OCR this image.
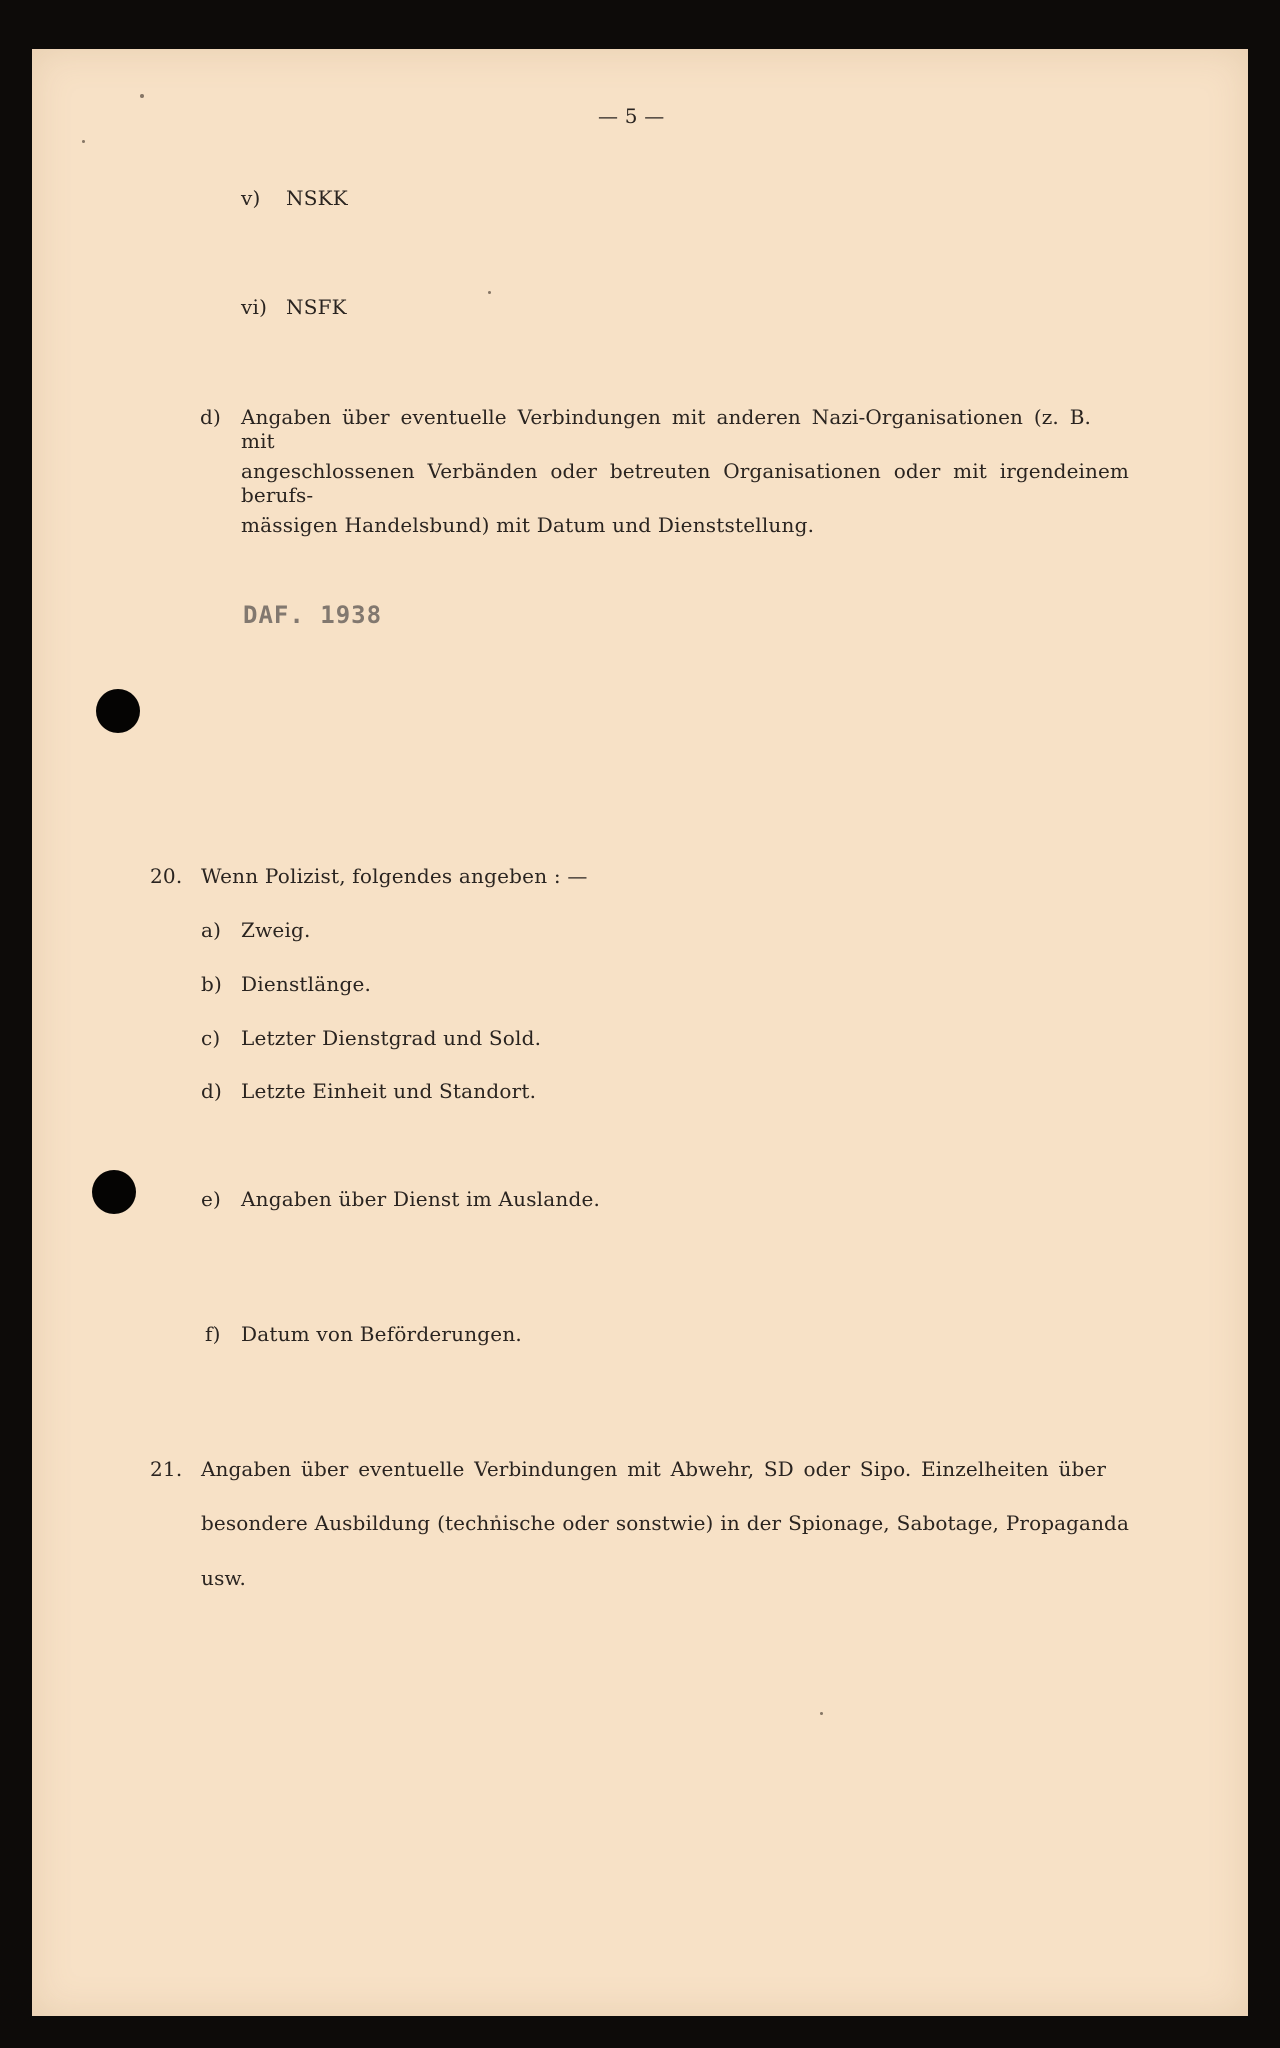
— 5 —
v) NSKK
vi) NSFK
d) Angaben über eventuelle Verbindungen mit anderen Nazi-Organisationen (z. B. mit
angeschlossenen Verbänden oder betreuten Organisationen oder mit irgendeinem berufs-
mässigen Handelsbund) mit Datum und Dienststellung.
DAF. 1938
20. Wenn Polizist, folgendes angeben : —
a) Zweig.
b) Dienstlänge.
c) Letzter Dienstgrad und Sold.
d) Letzte Einheit und Standort.
e) Angaben über Dienst im Auslande.
f) Datum von Beförderungen.
21. Angaben über eventuelle Verbindungen mit Abwehr, SD oder Sipo. Einzelheiten über
besondere Ausbildung (technische oder sonstwie) in der Spionage, Sabotage, Propaganda
usw.
